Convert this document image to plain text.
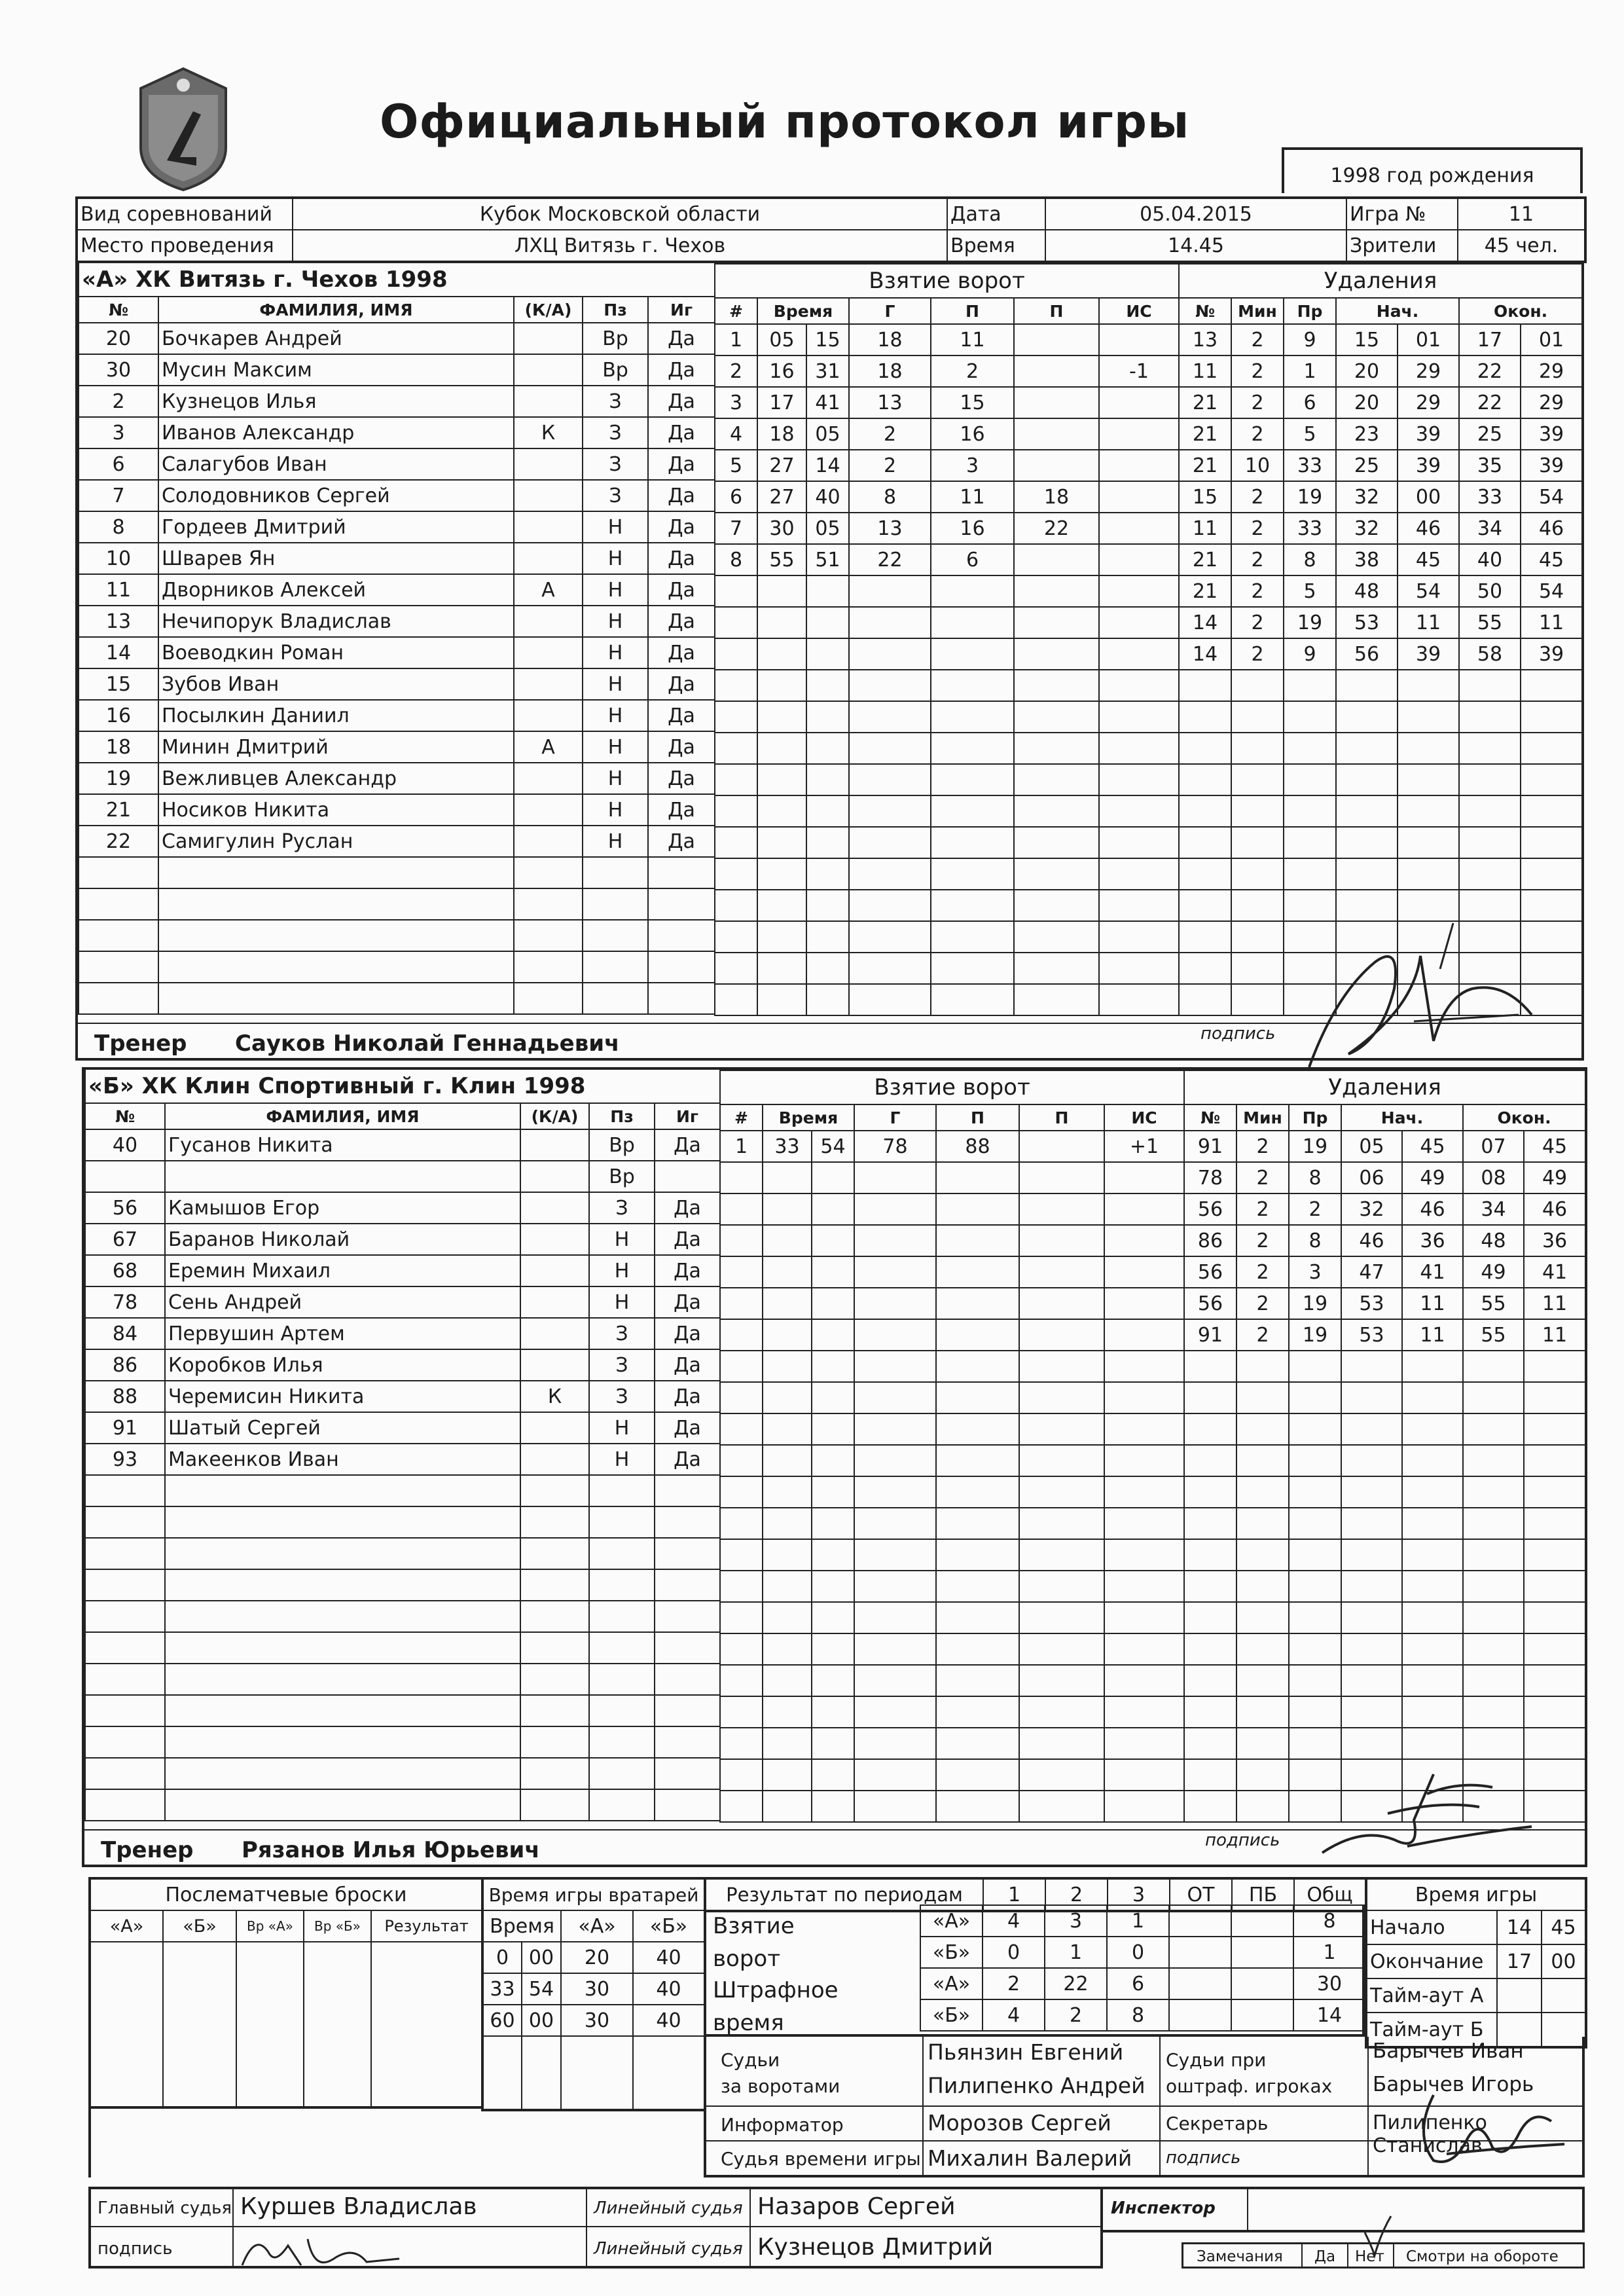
Официальный протокол игры
1998 год рождения
Вид соревнований	Кубок Московской области	Дата	05.04.2015	Игра №	11
Место проведения	ЛХЦ Витязь г. Чехов	Время	14.45	Зрители	45 чел.
«А» ХК Витязь г. Чехов 1998				
№	ФАМИЛИЯ, ИМЯ	(К/А)	Пз	Иг
20	Бочкарев Андрей		Вр	Да
30	Мусин Максим		Вр	Да
2	Кузнецов Илья		З	Да
3	Иванов Александр	К	З	Да
6	Салагубов Иван		З	Да
7	Солодовников Сергей		З	Да
8	Гордеев Дмитрий		Н	Да
10	Шварев Ян		Н	Да
11	Дворников Алексей	А	Н	Да
13	Нечипорук Владислав		Н	Да
14	Воеводкин Роман		Н	Да
15	Зубов Иван		Н	Да
16	Посылкин Даниил		Н	Да
18	Минин Дмитрий	А	Н	Да
19	Вежливцев Александр		Н	Да
21	Носиков Никита		Н	Да
22	Самигулин Руслан		Н	Да

Взятие ворот						
#	Время		Г	П	П	ИС
1	05	15	18	11		
2	16	31	18	2		-1
3	17	41	13	15		
4	18	05	2	16		
5	27	14	2	3		
6	27	40	8	11	18	
7	30	05	13	16	22	
8	55	51	22	6		

Удаления						
№	Мин	Пр	Нач.		Окон.	
13	2	9	15	01	17	01
11	2	1	20	29	22	29
21	2	6	20	29	22	29
21	2	5	23	39	25	39
21	10	33	25	39	35	39
15	2	19	32	00	33	54
11	2	33	32	46	34	46
21	2	8	38	45	40	45
21	2	5	48	54	50	54
14	2	19	53	11	55	11
14	2	9	56	39	58	39

Тренер Сауков Николай Геннадьевич	подпись
«Б» ХК Клин Спортивный г. Клин 1998				
№	ФАМИЛИЯ, ИМЯ	(К/А)	Пз	Иг
40	Гусанов Никита		Вр	Да
			Вр	
56	Камышов Егор		З	Да
67	Баранов Николай		Н	Да
68	Еремин Михаил		Н	Да
78	Сень Андрей		Н	Да
84	Первушин Артем		З	Да
86	Коробков Илья		З	Да
88	Черемисин Никита	К	З	Да
91	Шатый Сергей		Н	Да
93	Макеенков Иван		Н	Да

Взятие ворот						
#	Время		Г	П	П	ИС
1	33	54	78	88		+1

Удаления						
№	Мин	Пр	Нач.		Окон.	
91	2	19	05	45	07	45
78	2	8	06	49	08	49
56	2	2	32	46	34	46
86	2	8	46	36	48	36
56	2	3	47	41	49	41
56	2	19	53	11	55	11
91	2	19	53	11	55	11

Тренер Рязанов Илья Юрьевич	подпись
Послематчевые броски				
«А»	«Б»	Вр «А»	Вр «Б»	Результат

Время игры вратарей			
Время		«А»	«Б»
0	00	20	40
33	54	30	40
60	00	30	40

Результат по периодам	1	2	3	ОТ	ПБ	Общ
Взятие
ворот
Штрафное
время
«А»	4	3	1			8
«Б»	0	1	0			1
«А»	2	22	6			30
«Б»	4	2	8			14
Время игры		
Начало	14	45
Окончание	17	00
Тайм-аут А		
Тайм-аут Б		
Судьи
за воротами
Пьянзин Евгений
Пилипенко Андрей
Судьи при
оштраф. игроках
Барычев Иван
Барычев Игорь
Информатор	Морозов Сергей	Секретарь	Пилипенко Станислав
Судья времени игры Михалин Валерий подпись
Главный судья Куршев Владислав
подпись
Линейный судья Назаров Сергей
Линейный судья Кузнецов Дмитрий
Инспектор
Замечания Да Нет Смотри на обороте
